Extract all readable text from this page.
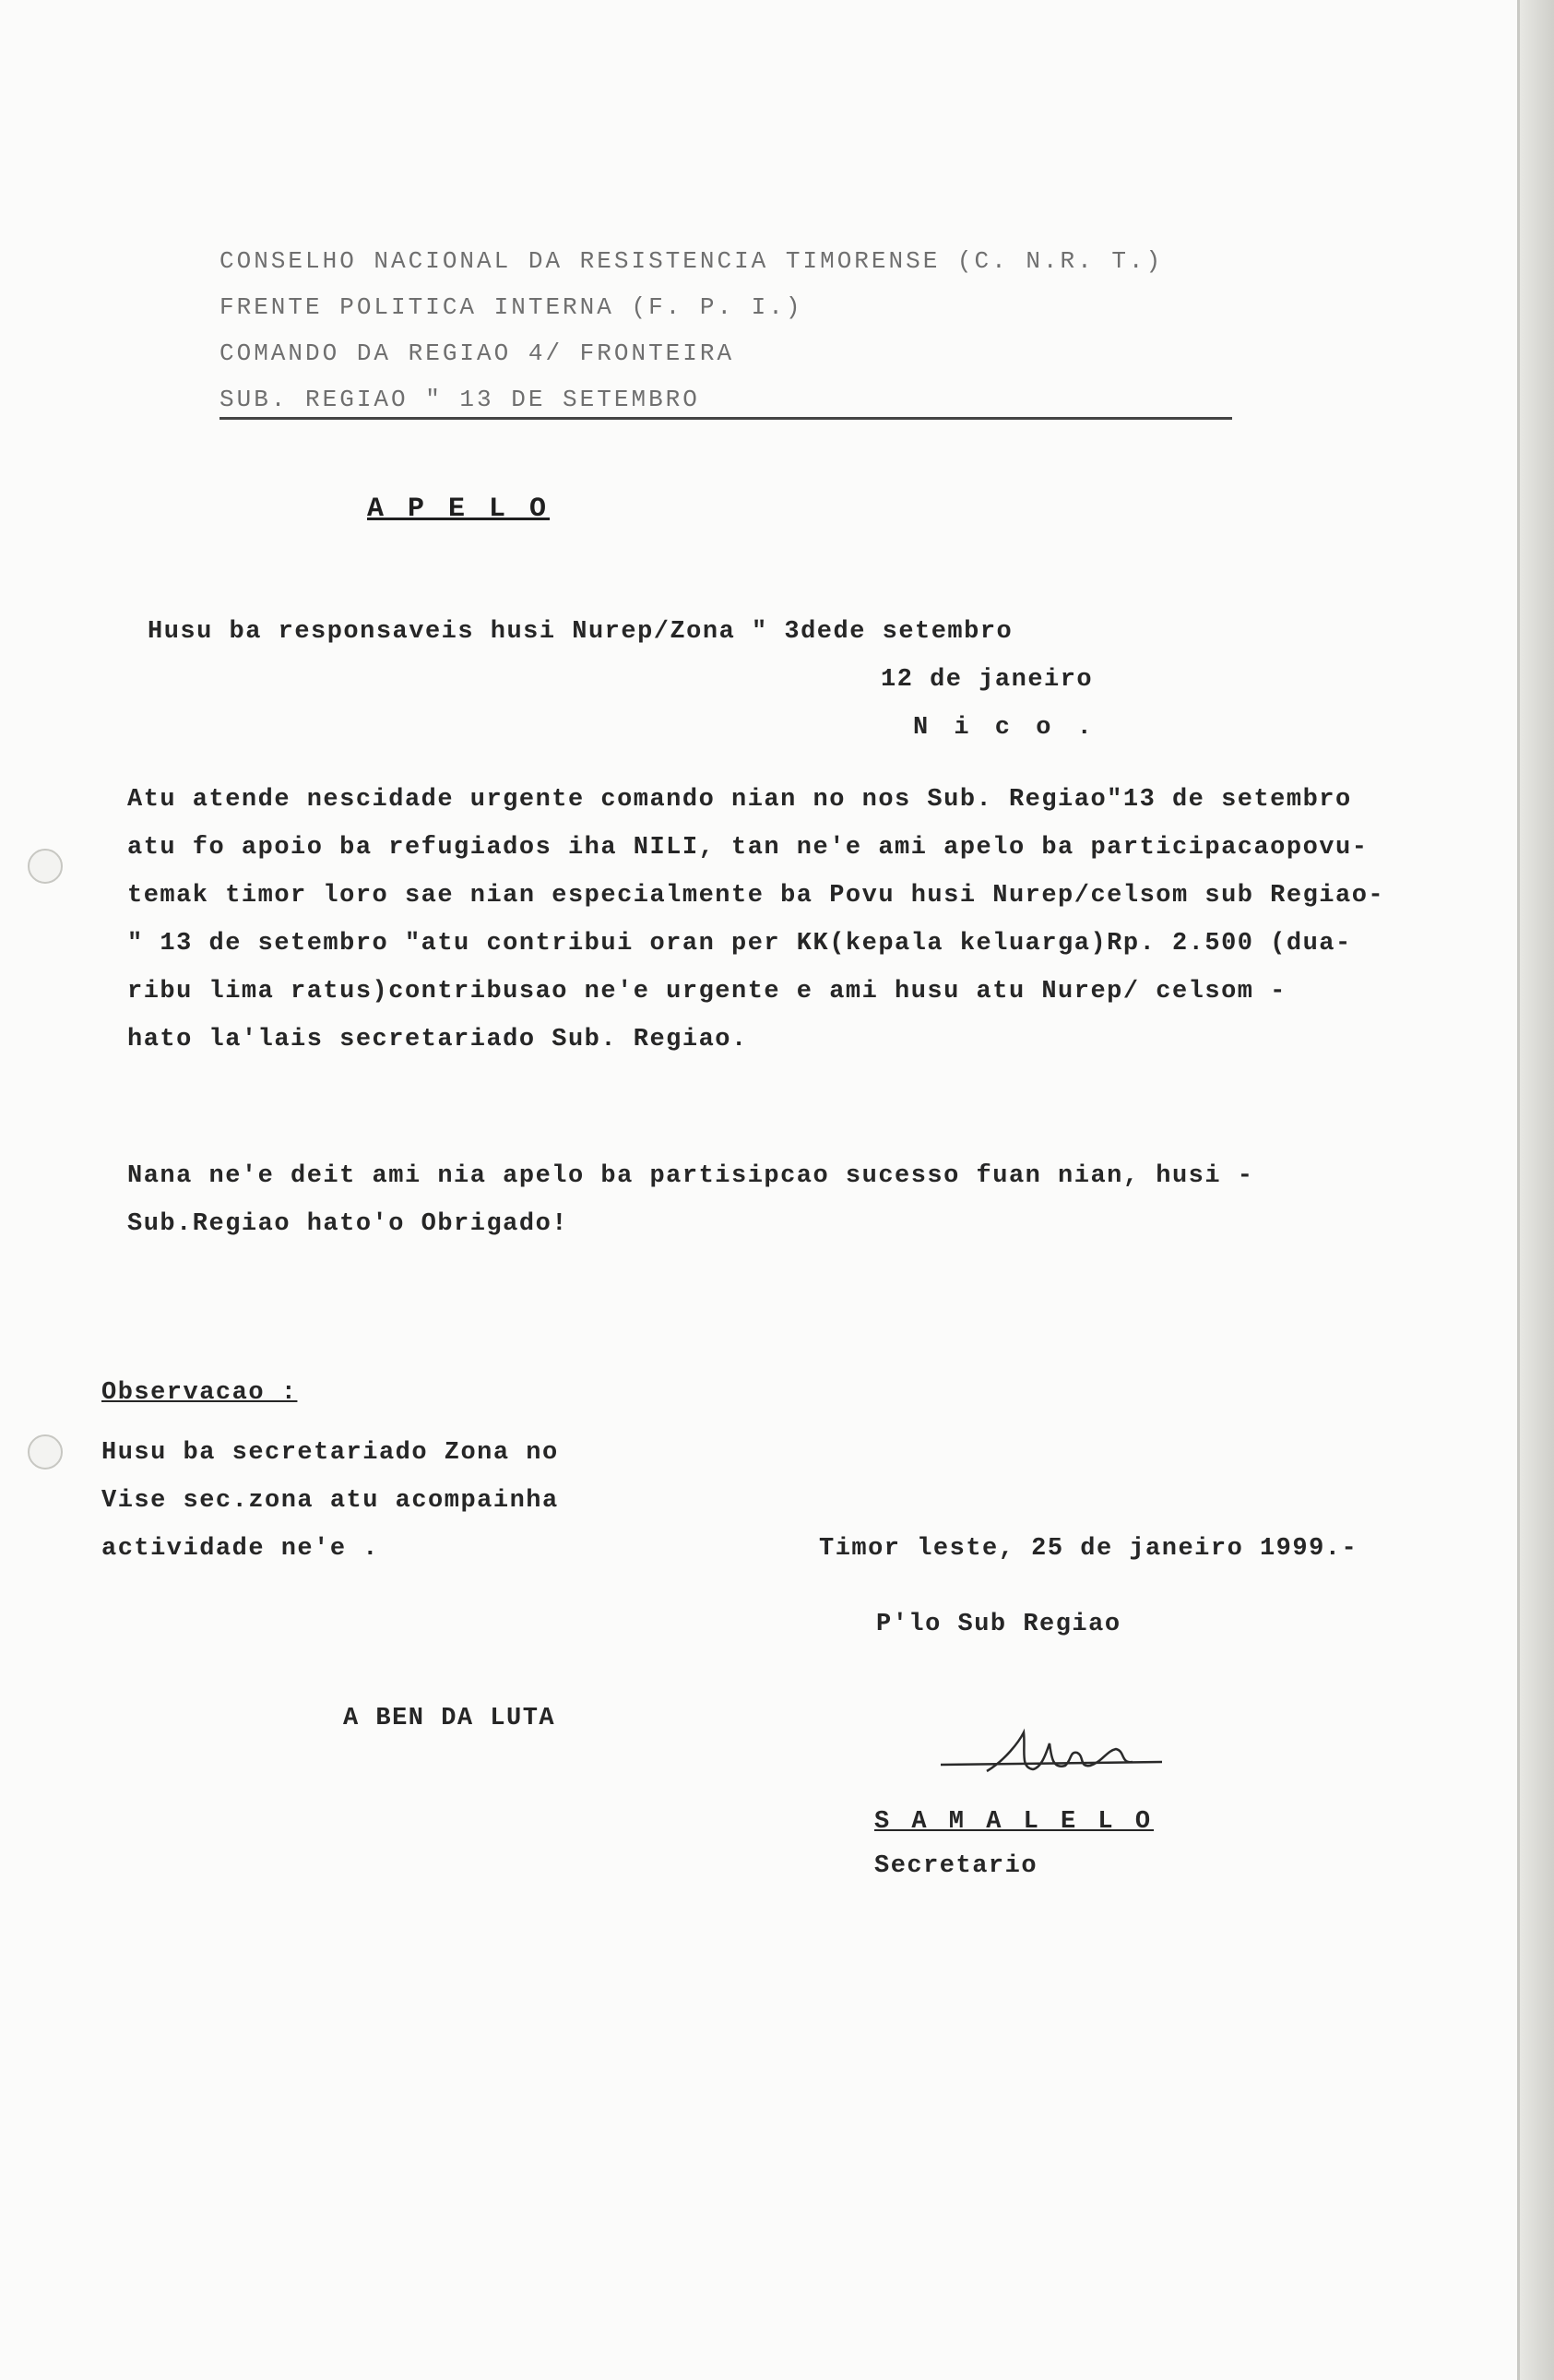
CONSELHO NACIONAL DA RESISTENCIA TIMORENSE (C. N.R. T.)
FRENTE POLITICA INTERNA (F. P. I.)
COMANDO DA REGIAO 4/ FRONTEIRA
SUB. REGIAO " 13 DE SETEMBRO
A P E L O
Husu ba responsaveis husi Nurep/Zona " 3dede setembro
12 de janeiro
N i c o .
Atu atende nescidade urgente comando nian no nos Sub. Regiao"13 de setembro
atu fo apoio ba refugiados iha NILI, tan ne'e ami apelo ba participacaopovu-
temak timor loro sae nian especialmente ba Povu husi Nurep/celsom sub Regiao-
" 13 de setembro "atu contribui oran per KK(kepala keluarga)Rp. 2.500 (dua-
ribu lima ratus)contribusao ne'e urgente e ami husu atu Nurep/ celsom -
hato la'lais secretariado Sub. Regiao.
Nana ne'e deit ami nia apelo ba partisipcao sucesso fuan nian, husi -
Sub.Regiao hato'o Obrigado!
Observacao :
Husu ba secretariado Zona no
Vise sec.zona atu acompainha
actividade ne'e .	Timor leste, 25 de janeiro 1999.-
P'lo Sub Regiao
A BEN DA LUTA
S A M A L E L O
Secretario
